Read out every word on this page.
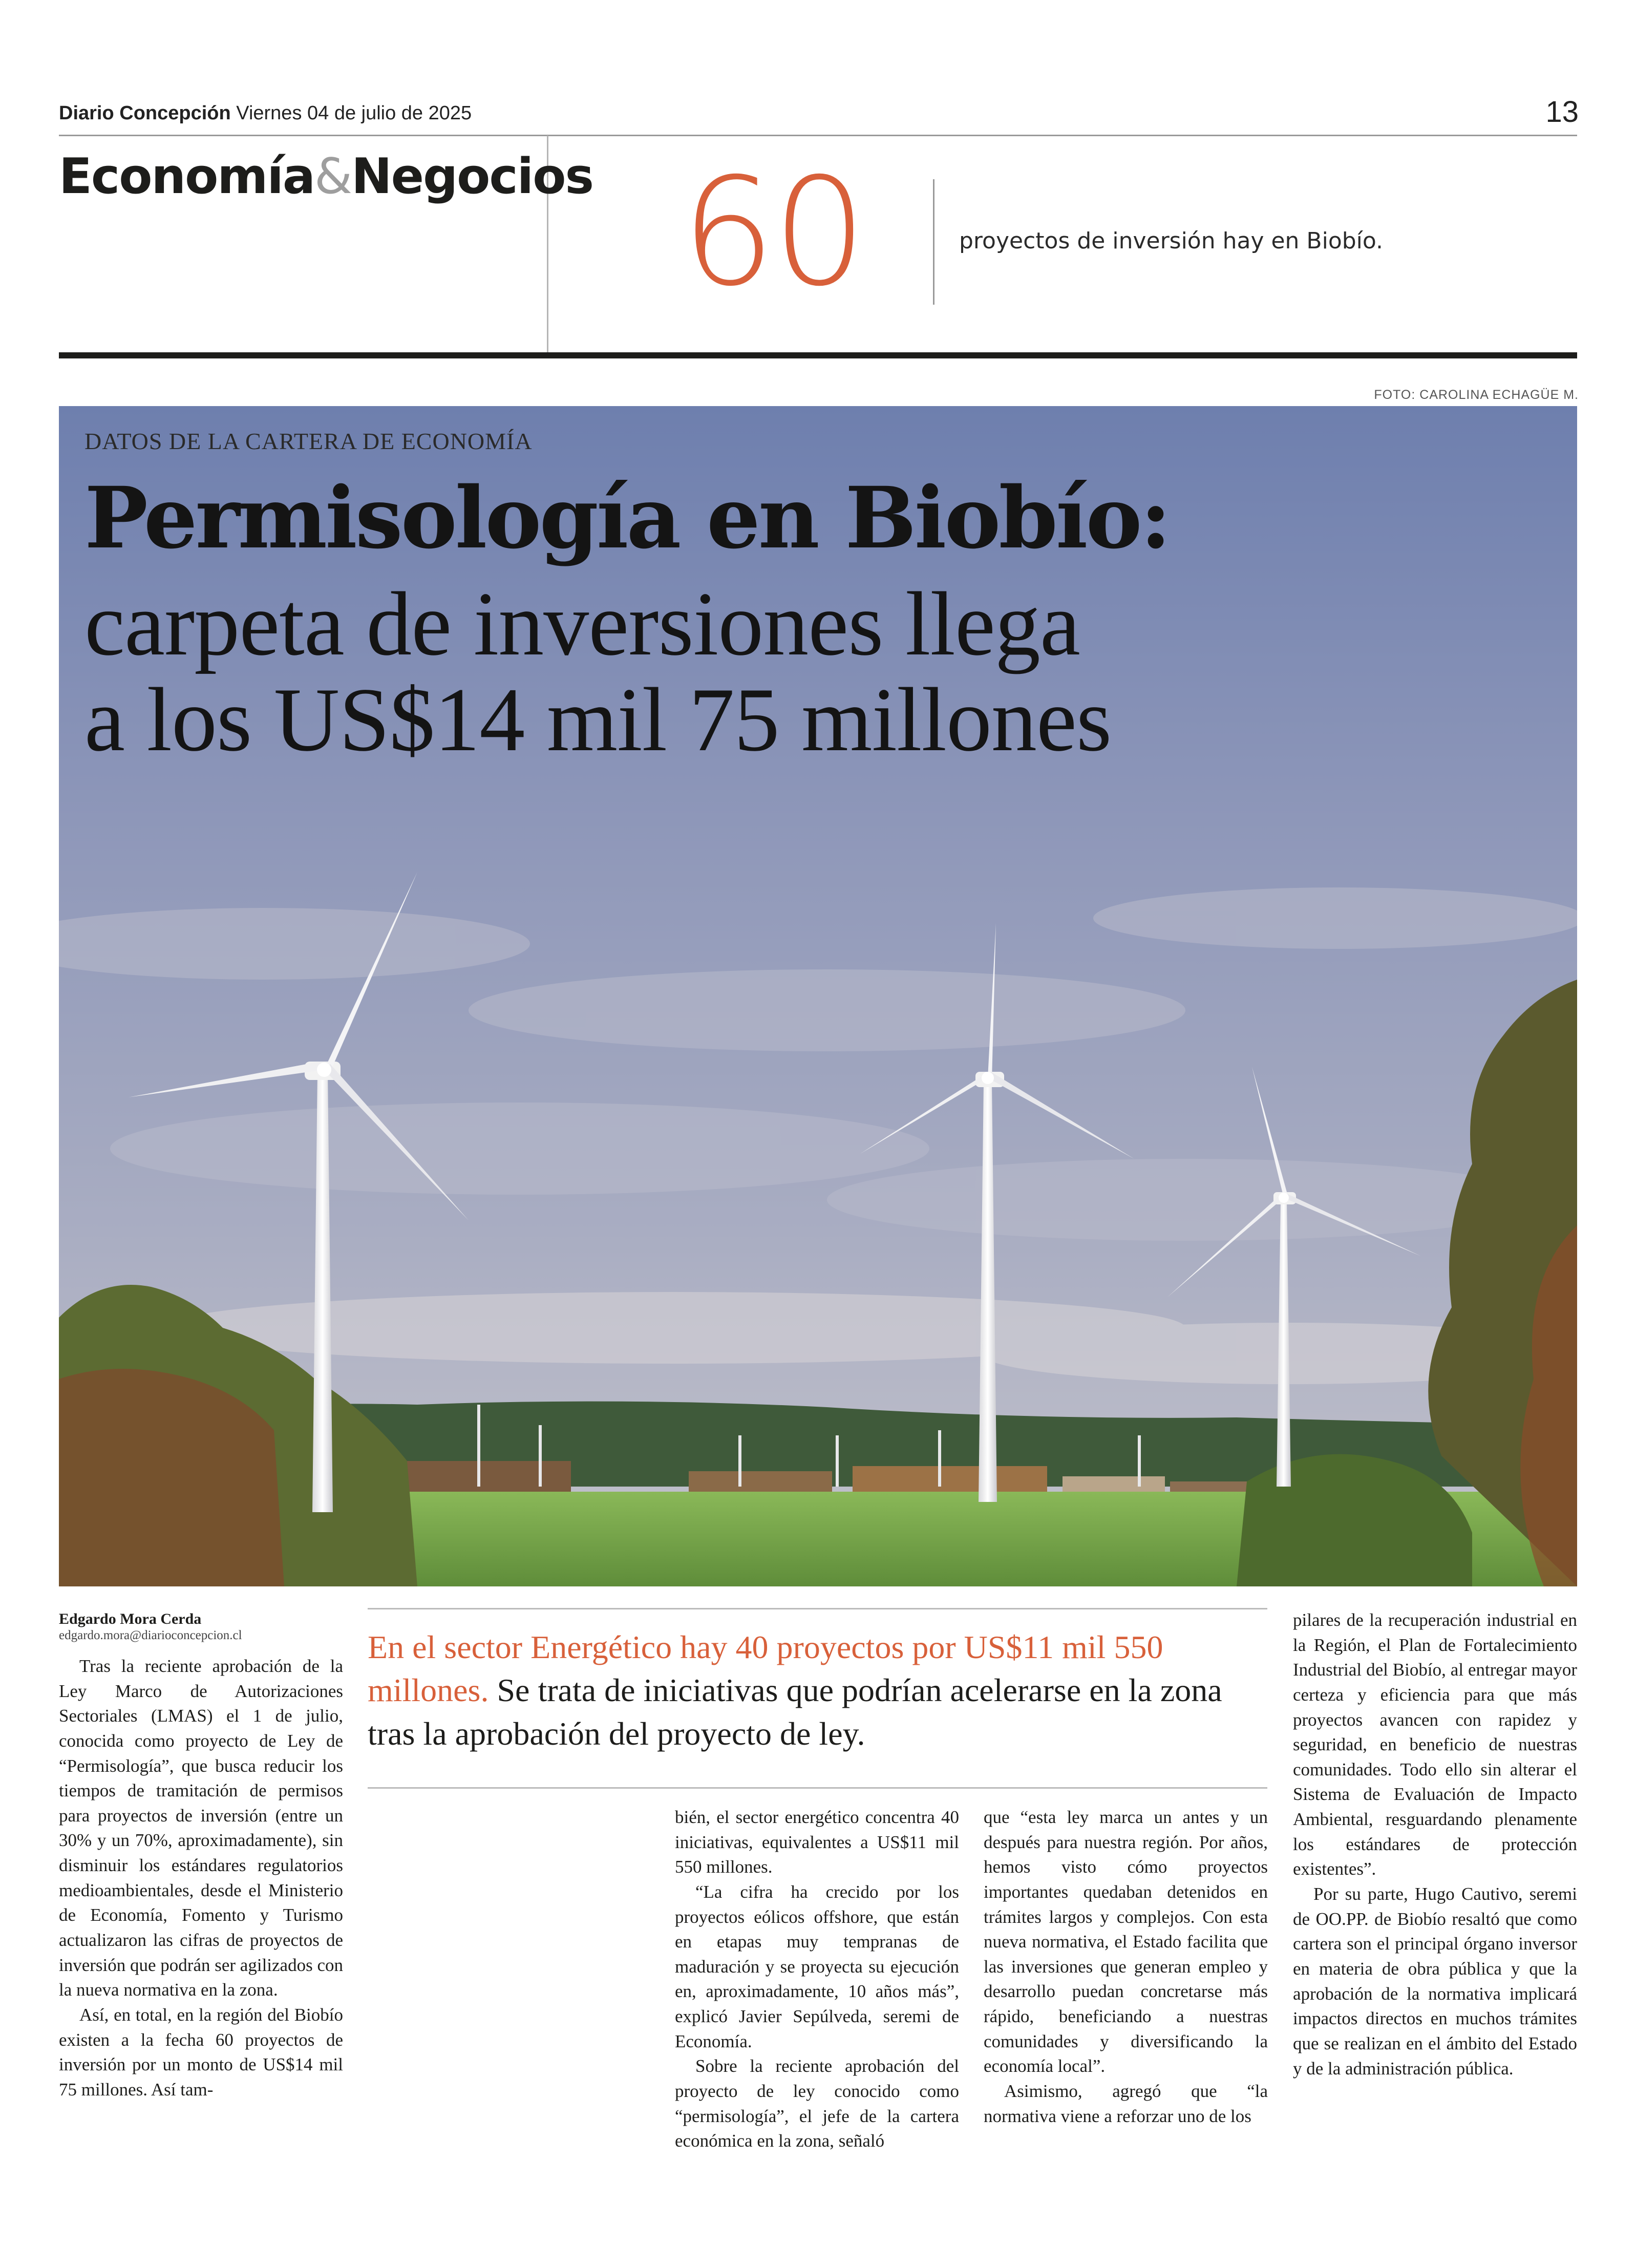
Diario Concepción Viernes 04 de julio de 2025	13
Economía&Negocios 60	proyectos de inversión hay en Biobío.
FOTO: CAROLINA ECHAGÜE M.
DATOS DE LA CARTERA DE ECONOMÍA
Permisología en Biobío:
carpeta de inversiones llega
a los US$14 mil 75 millones
Edgardo Mora Cerda
edgardo.mora@diarioconcepcion.cl	En el sector Energético hay 40 proyectos por US$11 mil 550 millones. Se trata de iniciativas que podrían acelerarse en la zona tras la aprobación del proyecto de ley.

Tras la reciente aprobación de la Ley Marco de Autorizaciones Sectoriales (LMAS) el 1 de julio, conocida como proyecto de Ley de “Permisología”, que busca reducir los tiempos de tramitación de permisos para proyectos de inversión (entre un 30% y un 70%, aproximadamente), sin disminuir los estándares regulatorios medioambientales, desde el Ministerio de Economía, Fomento y Turismo actualizaron las cifras de proyectos de inversión que podrán ser agilizados con la nueva normativa en la zona.

Así, en total, en la región del Biobío existen a la fecha 60 proyectos de inversión por un monto de US$14 mil 75 millones. Así tam-

bién, el sector energético concentra 40 iniciativas, equivalentes a US$11 mil 550 millones.

“La cifra ha crecido por los proyectos eólicos offshore, que están en etapas muy tempranas de maduración y se proyecta su ejecución en, aproximadamente, 10 años más”, explicó Javier Sepúlveda, seremi de Economía.

Sobre la reciente aprobación del proyecto de ley conocido como “permisología”, el jefe de la cartera económica en la zona, señaló

que “esta ley marca un antes y un después para nuestra región. Por años, hemos visto cómo proyectos importantes quedaban detenidos en trámites largos y complejos. Con esta nueva normativa, el Estado facilita que las inversiones que generan empleo y desarrollo puedan concretarse más rápido, beneficiando a nuestras comunidades y diversificando la economía local”.

Asimismo, agregó que “la normativa viene a reforzar uno de los

pilares de la recuperación industrial en la Región, el Plan de Fortalecimiento Industrial del Biobío, al entregar mayor certeza y eficiencia para que más proyectos avancen con rapidez y seguridad, en beneficio de nuestras comunidades. Todo ello sin alterar el Sistema de Evaluación de Impacto Ambiental, resguardando plenamente los estándares de protección existentes”.

Por su parte, Hugo Cautivo, seremi de OO.PP. de Biobío resaltó que como cartera son el principal órgano inversor en materia de obra pública y que la aprobación de la normativa implicará impactos directos en muchos trámites que se realizan en el ámbito del Estado y de la administración pública.
